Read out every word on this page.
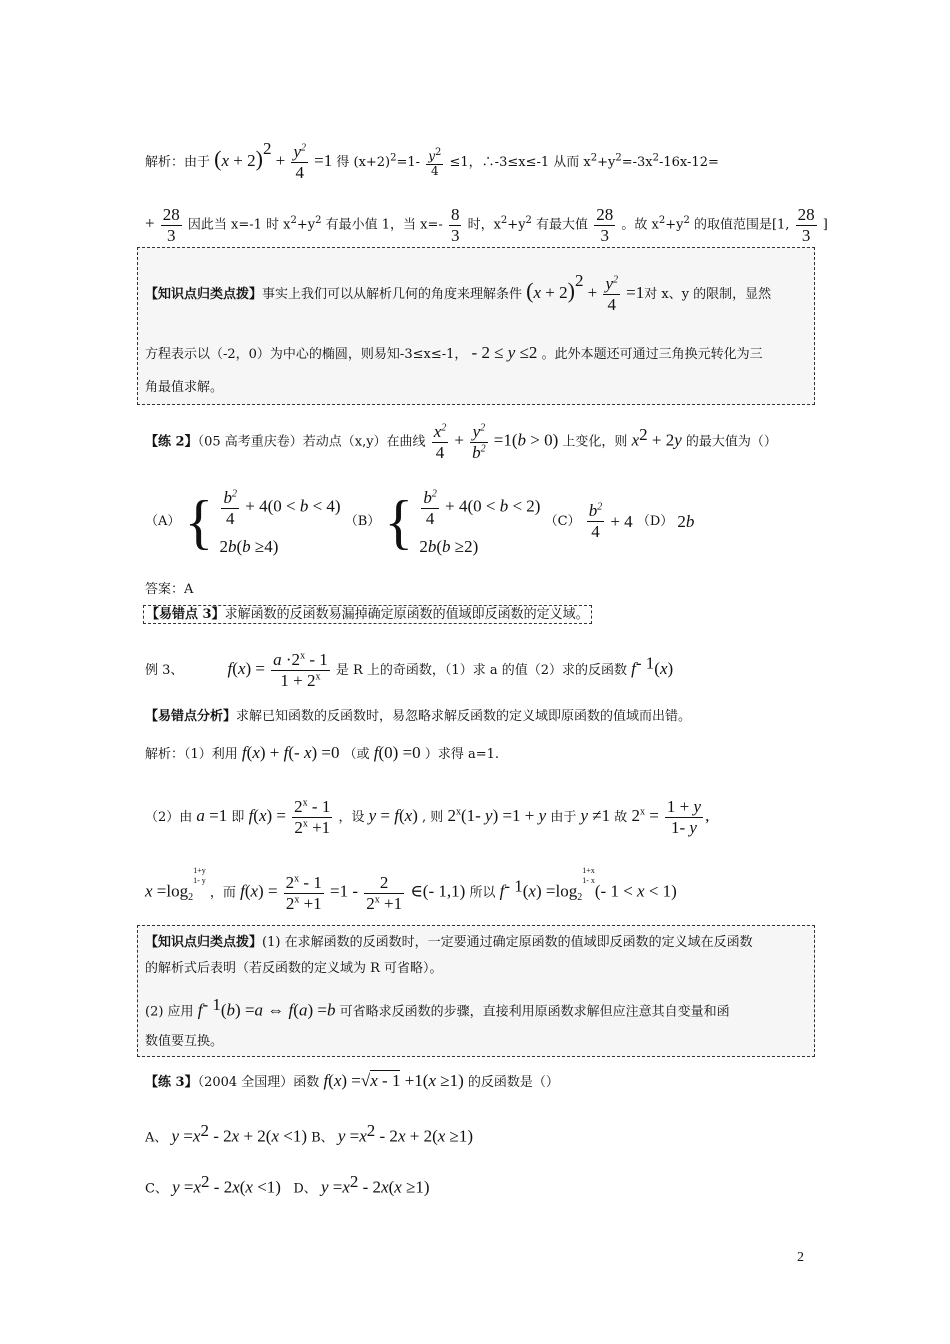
解析：由于 $(x + 2)^2 + \frac{y^2}{4} =1$ 得 $(x+2)^2=1- \frac{y^2}{4} \le 1$，∴-3≤x≤-1 从而 $x^2+y^2=-3x^2-16x-12=$
+ $\frac{28}{3}$ 因此当 x=-1 时 $x^2+y^2$ 有最小值 1，当 $x=- \frac{8}{3}$ 时，$x^2+y^2$ 有最大值 $\frac{28}{3}$ 。故 $x^2+y^2$ 的取值范围是[1, $\frac{28}{3}$ ]
【知识点归类点拨】事实上我们可以从解析几何的角度来理解条件 $(x + 2)^2 + \frac{y^2}{4} =1$对 x、y 的限制，显然
方程表示以（-2，0）为中心的椭圆，则易知-3≤x≤-1， - 2 ≤ y ≤2 。此外本题还可通过三角换元转化为三
角最值求解。
【练 2】（05 高考重庆卷）若动点（x,y）在曲线 $\frac{x^2}{4} + \frac{y^2}{b^2} =1(b > 0)$ 上变化，则 $x^2 + 2y$ 的最大值为（）
（A） { $\frac{b^2}{4} + 4(0 < b < 4)$
2b(b ≥4)
（B） { $\frac{b^2}{4} + 4(0 < b < 2)$
2b(b ≥2)
$(C) \frac{b^2}{4} + 4$ （D） 2b
答案：A
【易错点 3】求解函数的反函数易漏掉确定原函数的值域即反函数的定义域。
例 3、	$f(x) = \frac{a \cdot 2^x - 1}{1 + 2^x}$ 是 R 上的奇函数，（1）求 a 的值（2）求的反函数 $f^{- 1}(x)$
【易错点分析】求解已知函数的反函数时，易忽略求解反函数的定义域即原函数的值域而出错。
解析：（1）利用 f(x) + f(- x) =0 （或 f(0) =0 ）求得 a=1.
（2）由 a =1 即 $f(x) = \frac{2^x - 1}{2^x +1}$ ，设 y = f(x) , 则 2$^x$(1- y) =1 + y 由于 y ≠1 故 $2^x = \frac{1 + y}{1- y}$ ,
$x =\log_2^{1+y 1- y}$ ，而 $f(x) = \frac{2^x - 1}{2^x +1} =1 - \frac{2}{2^x +1}$ ∈(- 1,1) 所以 $f^{- 1}(x) =\log_2^{1+x 1- x}(-$ 1 < x < 1)
【知识点归类点拨】(1) 在求解函数的反函数时，一定要通过确定原函数的值域即反函数的定义域在反函数
的解析式后表明（若反函数的定义域为 R 可省略）。
(2) 应用 $f^{- 1}(b) =a$ ⇔ f(a) =b 可省略求反函数的步骤，直接利用原函数求解但应注意其自变量和函
数值要互换。
【练 3】（2004 全国理）函数 f(x) =√x - 1 +1(x ≥1) 的反函数是（）
A、 $y =x^2 - 2x + 2(x <1)$ B、 $y =x^2 - 2x + 2(x \ge 1)$
C、 $y =x^2 - 2x(x <1)$ D、 $y =x^2 - 2x(x \ge 1)$
2
